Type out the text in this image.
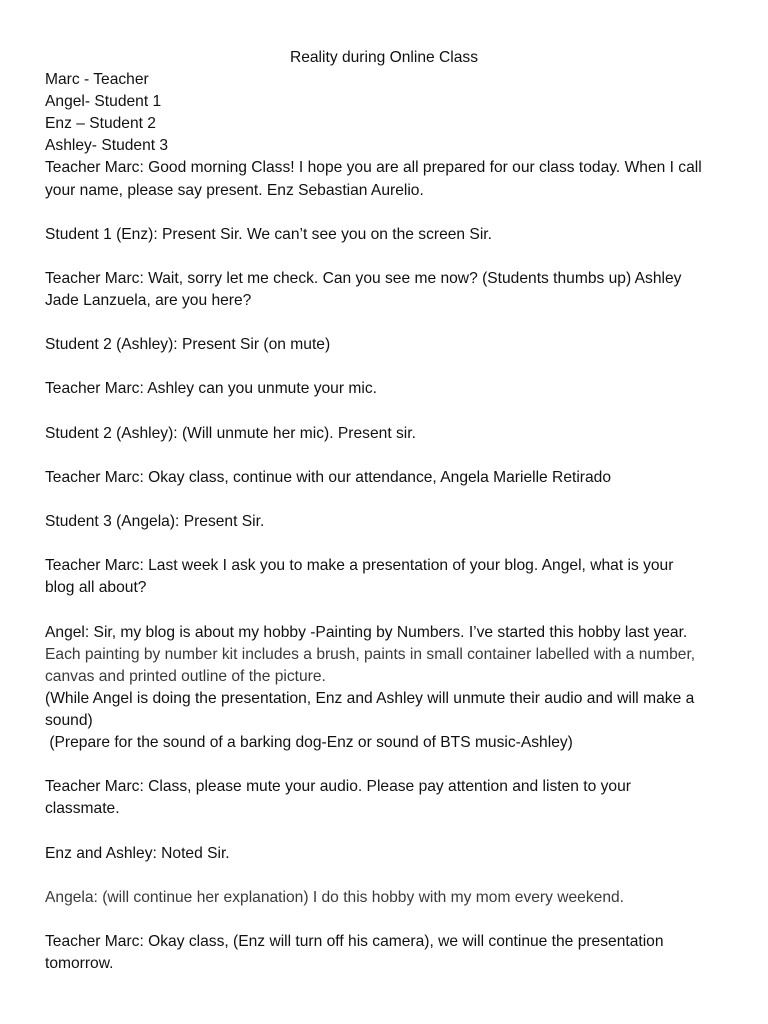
Reality during Online Class
Marc - Teacher
Angel- Student 1
Enz – Student 2
Ashley- Student 3
Teacher Marc: Good morning Class! I hope you are all prepared for our class today. When I call
your name, please say present. Enz Sebastian Aurelio.
Student 1 (Enz): Present Sir. We can’t see you on the screen Sir.
Teacher Marc: Wait, sorry let me check. Can you see me now? (Students thumbs up) Ashley
Jade Lanzuela, are you here?
Student 2 (Ashley): Present Sir (on mute)
Teacher Marc: Ashley can you unmute your mic.
Student 2 (Ashley): (Will unmute her mic). Present sir.
Teacher Marc: Okay class, continue with our attendance, Angela Marielle Retirado
Student 3 (Angela): Present Sir.
Teacher Marc: Last week I ask you to make a presentation of your blog. Angel, what is your
blog all about?
Angel: Sir, my blog is about my hobby -Painting by Numbers. I’ve started this hobby last year.
Each painting by number kit includes a brush, paints in small container labelled with a number,
canvas and printed outline of the picture.
(While Angel is doing the presentation, Enz and Ashley will unmute their audio and will make a
sound)
(Prepare for the sound of a barking dog-Enz or sound of BTS music-Ashley)
Teacher Marc: Class, please mute your audio. Please pay attention and listen to your
classmate.
Enz and Ashley: Noted Sir.
Angela: (will continue her explanation) I do this hobby with my mom every weekend.
Teacher Marc: Okay class, (Enz will turn off his camera), we will continue the presentation
tomorrow.
